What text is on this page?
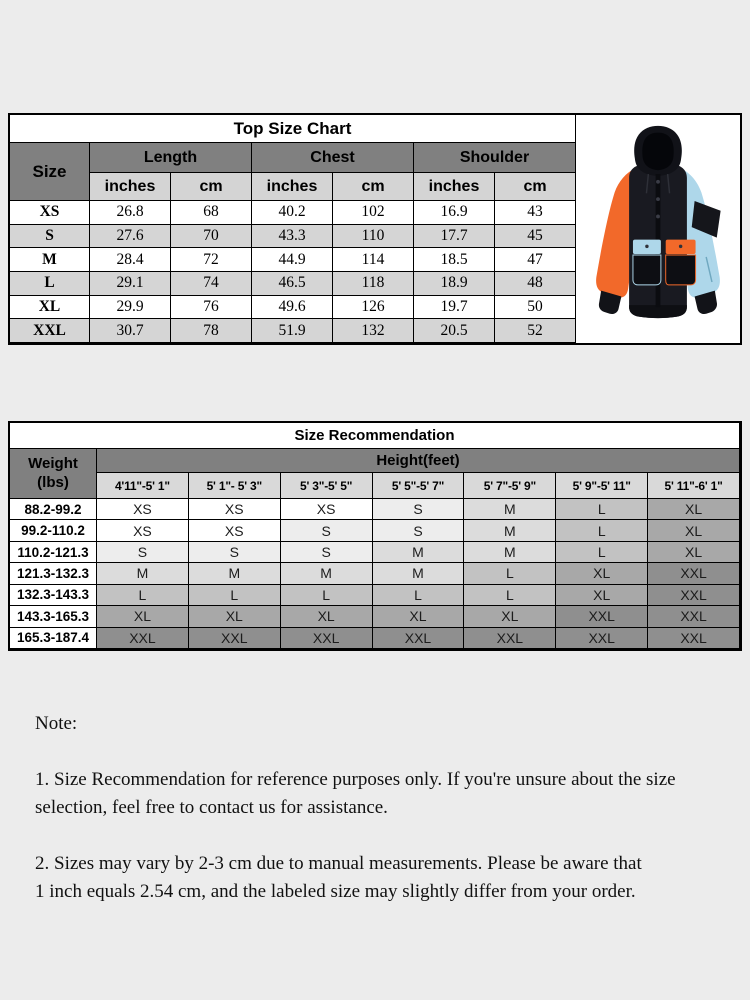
Top Size Chart
Size
Length	Chest	Shoulder
inches	cm	inches	cm	inches	cm
XS	26.8	68	40.2	102	16.9	43
S	27.6	70	43.3	110	17.7	45
M	28.4	72	44.9	114	18.5	47
L	29.1	74	46.5	118	18.9	48
XL	29.9	76	49.6	126	19.7	50
XXL	30.7	78	51.9	132	20.5	52
Size Recommendation
Weight
(lbs)
Height(feet)
4'11"-5' 1"	5' 1"- 5' 3"	5' 3"-5' 5"	5' 5"-5' 7"	5' 7"-5' 9"	5' 9"-5' 11"	5' 11"-6' 1"
88.2-99.2	XS	XS	XS	S	M	L	XL
99.2-110.2	XS	XS	S	S	M	L	XL
110.2-121.3	S	S	S	M	M	L	XL
121.3-132.3	M	M	M	M	L	XL	XXL
132.3-143.3	L	L	L	L	L	XL	XXL
143.3-165.3	XL	XL	XL	XL	XL	XXL	XXL
165.3-187.4	XXL	XXL	XXL	XXL	XXL	XXL	XXL

Note:

1. Size Recommendation for reference purposes only. If you're unsure about the size
selection, feel free to contact us for assistance.

2. Sizes may vary by 2-3 cm due to manual measurements. Please be aware that
1 inch equals 2.54 cm, and the labeled size may slightly differ from your order.
